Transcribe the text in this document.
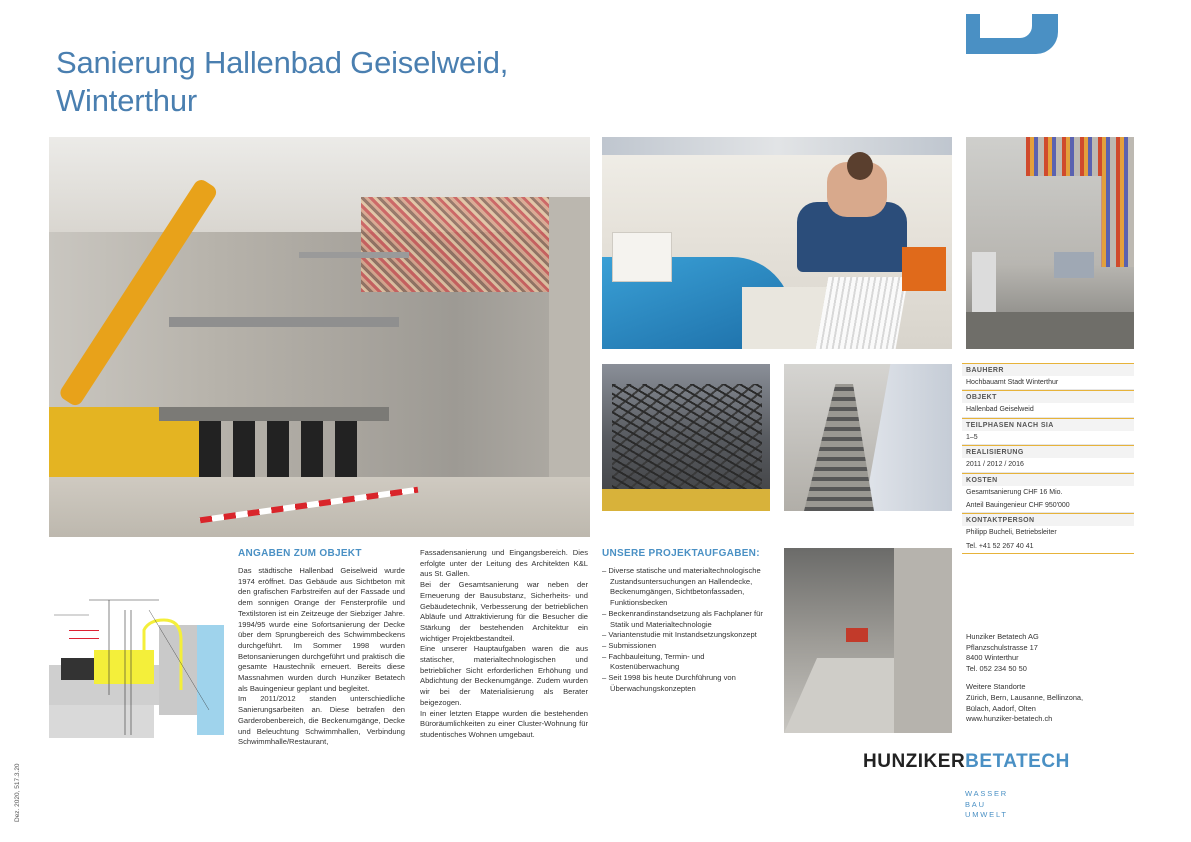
Sanierung Hallenbad Geiselweid,
Winterthur
ANGABEN ZUM OBJEKT

Das städtische Hallenbad Geiselweid wurde 1974 eröffnet. Das Gebäude aus Sichtbeton mit den grafischen Farbstreifen auf der Fassade und dem sonnigen Orange der Fensterprofile und Textilstoren ist ein Zeitzeuge der Siebziger Jahre. 1994/95 wurde eine Sofortsanierung der Decke über dem Sprungbereich des Schwimmbeckens durchgeführt. Im Sommer 1998 wurden Betonsanierungen durchgeführt und praktisch die gesamte Haustechnik erneuert. Bereits diese Massnahmen wurden durch Hunziker Betatech als Bauingenieur geplant und begleitet.

Im 2011/2012 standen unterschiedliche Sanierungsarbeiten an. Diese betrafen den Garderobenbereich, die Beckenumgänge, Decke und Beleuchtung Schwimmhallen, Verbindung Schwimmhalle/Restaurant,

Fassadensanierung und Eingangsbereich. Dies erfolgte unter der Leitung des Architekten K&L aus St. Gallen.

Bei der Gesamtsanierung war neben der Erneuerung der Bausubstanz, Sicherheits- und Gebäudetechnik, Verbesserung der betrieblichen Abläufe und Attraktivierung für die Besucher die Stärkung der bestehenden Architektur ein wichtiger Projektbestandteil.

Eine unserer Hauptaufgaben waren die aus statischer, materialtechnologischen und betrieblicher Sicht erforderlichen Erhöhung und Abdichtung der Beckenumgänge. Zudem wurden wir bei der Materialisierung als Berater beigezogen.

In einer letzten Etappe wurden die bestehenden Büroräumlichkeiten zu einer Cluster-Wohnung für studentisches Wohnen umgebaut.

UNSERE PROJEKTAUFGABEN:
– Diverse statische und materialtechnologische Zustandsuntersuchungen an Hallendecke, Beckenumgängen, Sichtbetonfassaden, Funktionsbecken
– Beckenrandinstandsetzung als Fachplaner für Statik und Materialtechnologie
– Variantenstudie mit Instandsetzungskonzept
– Submissionen
– Fachbauleitung, Termin- und Kostenüberwachung
– Seit 1998 bis heute Durchführung von Überwachungskonzepten
BAUHERR
Hochbauamt Stadt Winterthur
OBJEKT
Hallenbad Geiselweid
TEILPHASEN NACH SIA
1–5
REALISIERUNG
2011 / 2012 / 2016
KOSTEN
Gesamtsanierung CHF 16 Mio.
Anteil Bauingenieur CHF 950'000
KONTAKTPERSON
Philipp Bucheli, Betriebsleiter
Tel. +41 52 267 40 41
Hunziker Betatech AG
Pflanzschulstrasse 17
8400 Winterthur
Tel. 052 234 50 50
Weitere Standorte
Zürich, Bern, Lausanne, Bellinzona,
Bülach, Aadorf, Olten
www.hunziker-betatech.ch
HUNZIKERBETATECH
WASSER
BAU
UMWELT
Dez. 2020, 517.3.20
